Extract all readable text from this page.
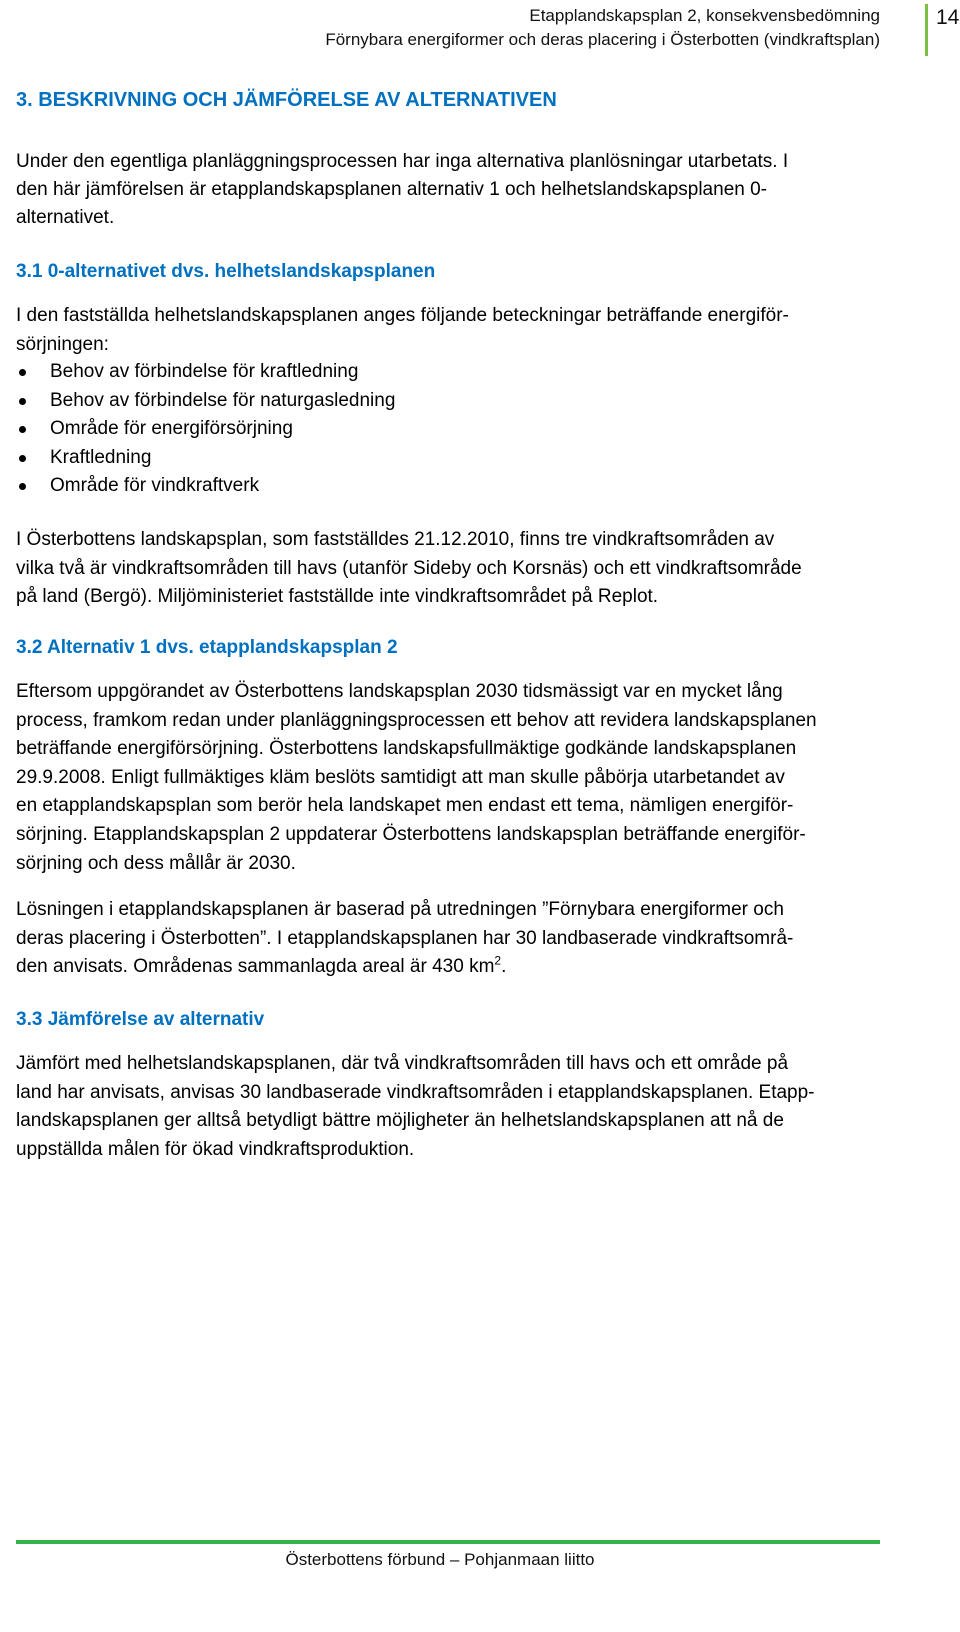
Etapplandskapsplan 2, konsekvensbedömning
Förnybara energiformer och deras placering i Österbotten (vindkraftsplan)
14
3. BESKRIVNING OCH JÄMFÖRELSE AV ALTERNATIVEN
Under den egentliga planläggningsprocessen har inga alternativa planlösningar utarbetats. I
den här jämförelsen är etapplandskapsplanen alternativ 1 och helhetslandskapsplanen 0-
alternativet.
3.1 0-alternativet dvs. helhetslandskapsplanen
I den fastställda helhetslandskapsplanen anges följande beteckningar beträffande energiför-
sörjningen:
Behov av förbindelse för kraftledning
Behov av förbindelse för naturgasledning
Område för energiförsörjning
Kraftledning
Område för vindkraftverk
I Österbottens landskapsplan, som fastställdes 21.12.2010, finns tre vindkraftsområden av
vilka två är vindkraftsområden till havs (utanför Sideby och Korsnäs) och ett vindkraftsområde
på land (Bergö). Miljöministeriet fastställde inte vindkraftsområdet på Replot.
3.2 Alternativ 1 dvs. etapplandskapsplan 2
Eftersom uppgörandet av Österbottens landskapsplan 2030 tidsmässigt var en mycket lång
process, framkom redan under planläggningsprocessen ett behov att revidera landskapsplanen
beträffande energiförsörjning. Österbottens landskapsfullmäktige godkände landskapsplanen
29.9.2008. Enligt fullmäktiges kläm beslöts samtidigt att man skulle påbörja utarbetandet av
en etapplandskapsplan som berör hela landskapet men endast ett tema, nämligen energiför-
sörjning. Etapplandskapsplan 2 uppdaterar Österbottens landskapsplan beträffande energiför-
sörjning och dess mållår är 2030.
Lösningen i etapplandskapsplanen är baserad på utredningen ”Förnybara energiformer och
deras placering i Österbotten”. I etapplandskapsplanen har 30 landbaserade vindkraftsområ-
den anvisats. Områdenas sammanlagda areal är 430 $km^2$.
3.3 Jämförelse av alternativ
Jämfört med helhetslandskapsplanen, där två vindkraftsområden till havs och ett område på
land har anvisats, anvisas 30 landbaserade vindkraftsområden i etapplandskapsplanen. Etapp-
landskapsplanen ger alltså betydligt bättre möjligheter än helhetslandskapsplanen att nå de
uppställda målen för ökad vindkraftsproduktion.
Österbottens förbund – Pohjanmaan liitto
